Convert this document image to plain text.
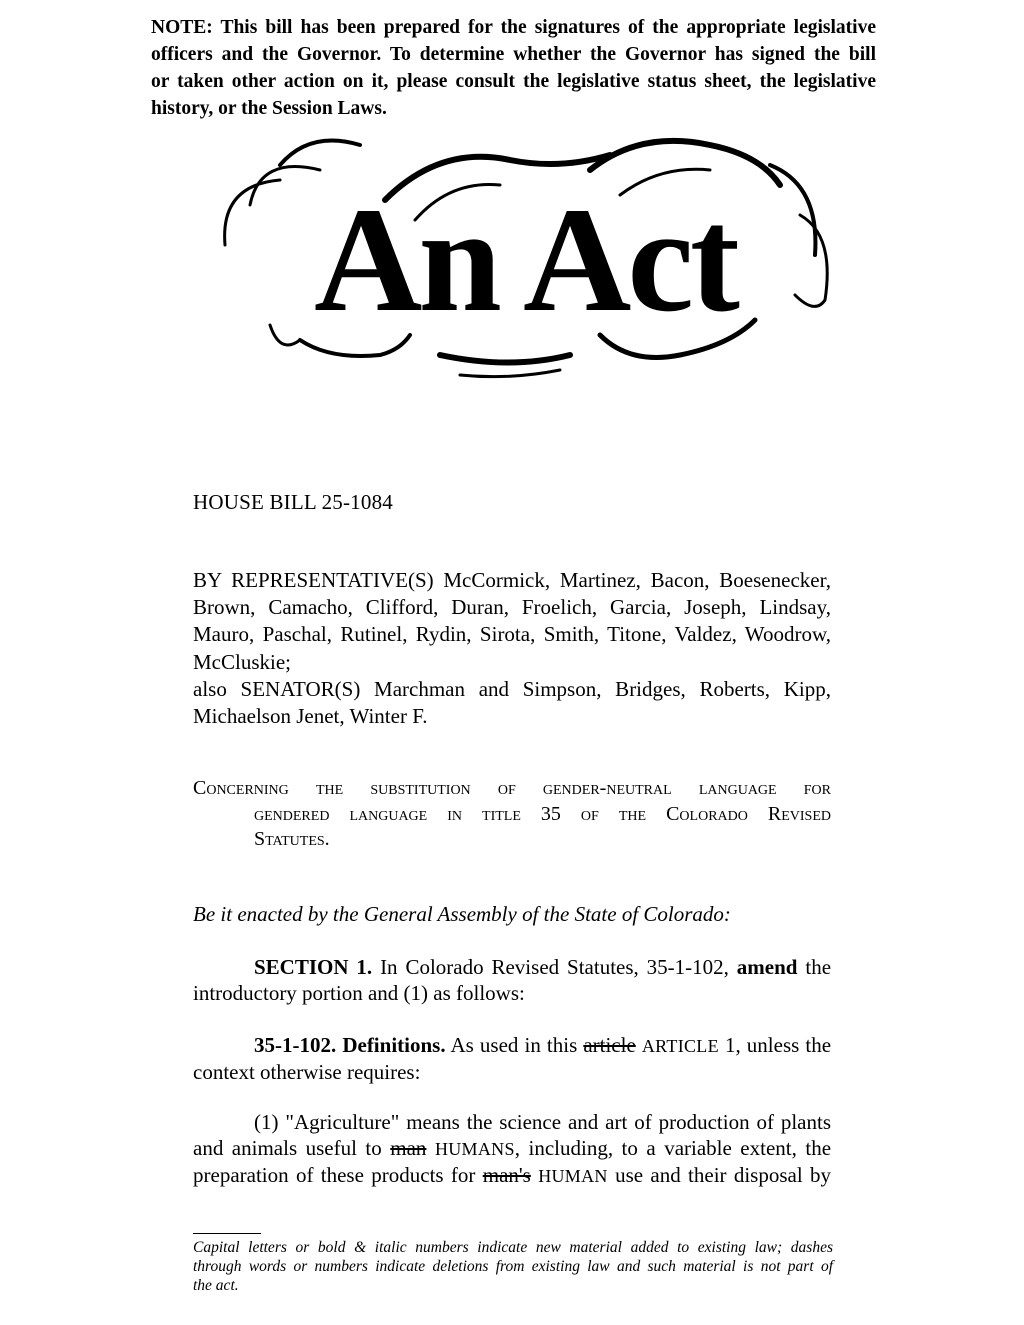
NOTE: This bill has been prepared for the signatures of the appropriate legislative
officers and the Governor. To determine whether the Governor has signed the bill
or taken other action on it, please consult the legislative status sheet, the legislative
history, or the Session Laws.
An Act
HOUSE BILL 25-1084
BY REPRESENTATIVE(S) McCormick, Martinez, Bacon, Boesenecker,
Brown, Camacho, Clifford, Duran, Froelich, Garcia, Joseph, Lindsay,
Mauro, Paschal, Rutinel, Rydin, Sirota, Smith, Titone, Valdez, Woodrow,
McCluskie;
also SENATOR(S) Marchman and Simpson, Bridges, Roberts, Kipp,
Michaelson Jenet, Winter F.
Concerning the substitution of gender-neutral language for
gendered language in title 35 of the Colorado Revised
Statutes.
Be it enacted by the General Assembly of the State of Colorado:
SECTION 1. In Colorado Revised Statutes, 35-1-102, amend the
introductory portion and (1) as follows:
35-1-102. Definitions. As used in this article ARTICLE 1, unless the
context otherwise requires:
(1) "Agriculture" means the science and art of production of plants
and animals useful to man HUMANS, including, to a variable extent, the
preparation of these products for man's HUMAN use and their disposal by
Capital letters or bold & italic numbers indicate new material added to existing law; dashes
through words or numbers indicate deletions from existing law and such material is not part of
the act.
